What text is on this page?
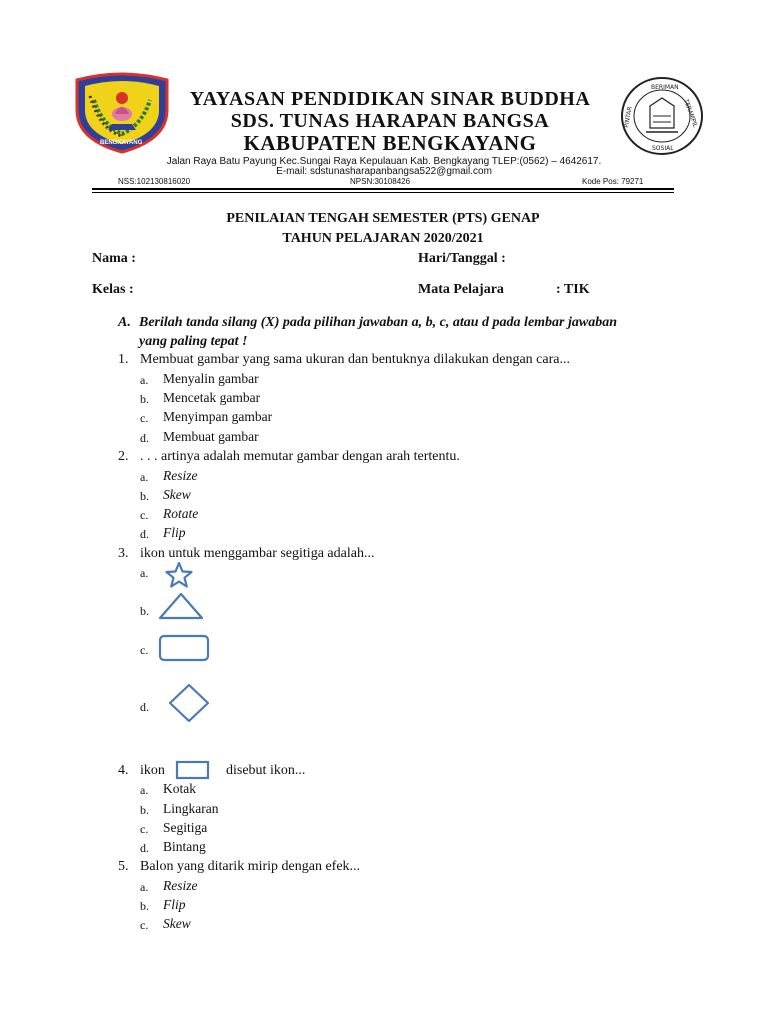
BENGKAYANG
BERIMAN
TERAMPIL
SOSIAL
PINTAR
YAYASAN PENDIDIKAN SINAR BUDDHA
SDS. TUNAS HARAPAN BANGSA
KABUPATEN BENGKAYANG
Jalan Raya Batu Payung Kec.Sungai Raya Kepulauan Kab. Bengkayang TLEP:(0562) – 4642617.
E-mail: sdstunasharapanbangsa522@gmail.com
NSS:102130816020	NPSN:30108426	Kode Pos: 79271
PENILAIAN TENGAH SEMESTER (PTS) GENAP
TAHUN PELAJARAN 2020/2021
Nama :	Hari/Tanggal :
Kelas :	Mata Pelajara	: TIK
A. Berilah tanda silang (X) pada pilihan jawaban a, b, c, atau d pada lembar jawaban
yang paling tepat !
1. Membuat gambar yang sama ukuran dan bentuknya dilakukan dengan cara...
a. Menyalin gambar
b. Mencetak gambar
c. Menyimpan gambar
d. Membuat gambar
2. . . . artinya adalah memutar gambar dengan arah tertentu.
a. Resize
b. Skew
c. Rotate
d. Flip
3. ikon untuk menggambar segitiga adalah...
a.
b.
c.
d.
4. ikon	disebut ikon...
a. Kotak
b. Lingkaran
c. Segitiga
d. Bintang
5. Balon yang ditarik mirip dengan efek...
a. Resize
b. Flip
c. Skew
